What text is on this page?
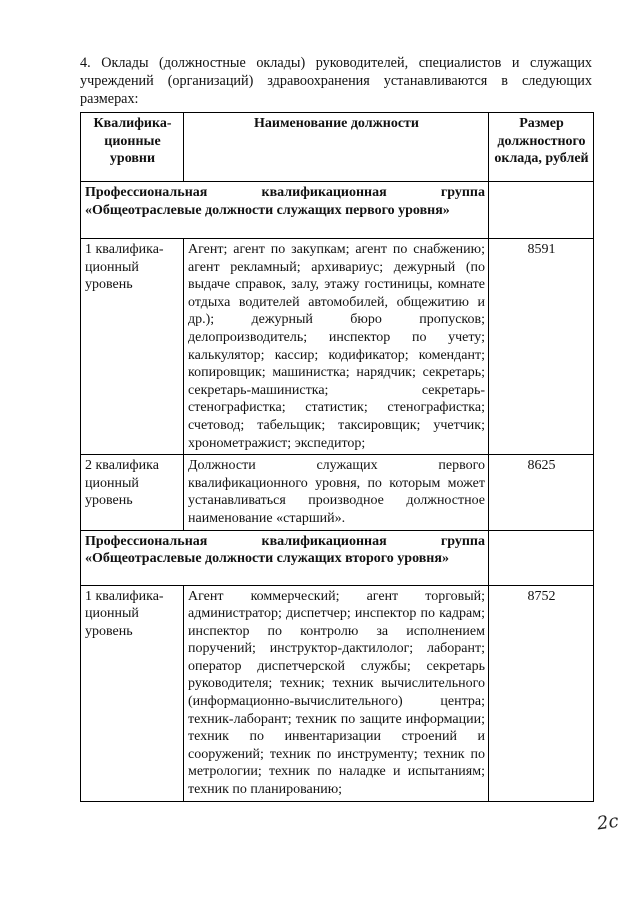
4. Оклады (должностные оклады) руководителей, специалистов и служащих учреждений (организаций) здравоохранения устанавливаются в следующих размерах:
Квалифика-ционные уровни	Наименование должности	Размер должностного оклада, рублей
Профессиональная квалификационная группа «Общеотраслевые должности служащих первого уровня»		
1 квалифика-ционный уровень	Агент; агент по закупкам; агент по снабжению; агент рекламный; архивариус; дежурный (по выдаче справок, залу, этажу гостиницы, комнате отдыха водителей автомобилей, общежитию и др.); дежурный бюро пропусков; делопроизводитель; инспектор по учету; калькулятор; кассир; кодификатор; комендант; копировщик; машинистка; нарядчик; секретарь; секретарь-машинистка; секретарь-стенографистка; статистик; стенографистка; счетовод; табельщик; таксировщик; учетчик; хронометражист; экспедитор;	8591
2 квалифика ционный уровень	Должности служащих первого квалификационного уровня, по которым может устанавливаться производное должностное наименование «старший».	8625
Профессиональная квалификационная группа «Общеотраслевые должности служащих второго уровня»		
1 квалифика-ционный уровень	Агент коммерческий; агент торговый; администратор; диспетчер; инспектор по кадрам; инспектор по контролю за исполнением поручений; инструктор-дактилолог; лаборант; оператор диспетчерской службы; секретарь руководителя; техник; техник вычислительного (информационно-вычислительного) центра; техник-лаборант; техник по защите информации; техник по инвентаризации строений и сооружений; техник по инструменту; техник по метрологии; техник по наладке и испытаниям; техник по планированию;	8752
2с
